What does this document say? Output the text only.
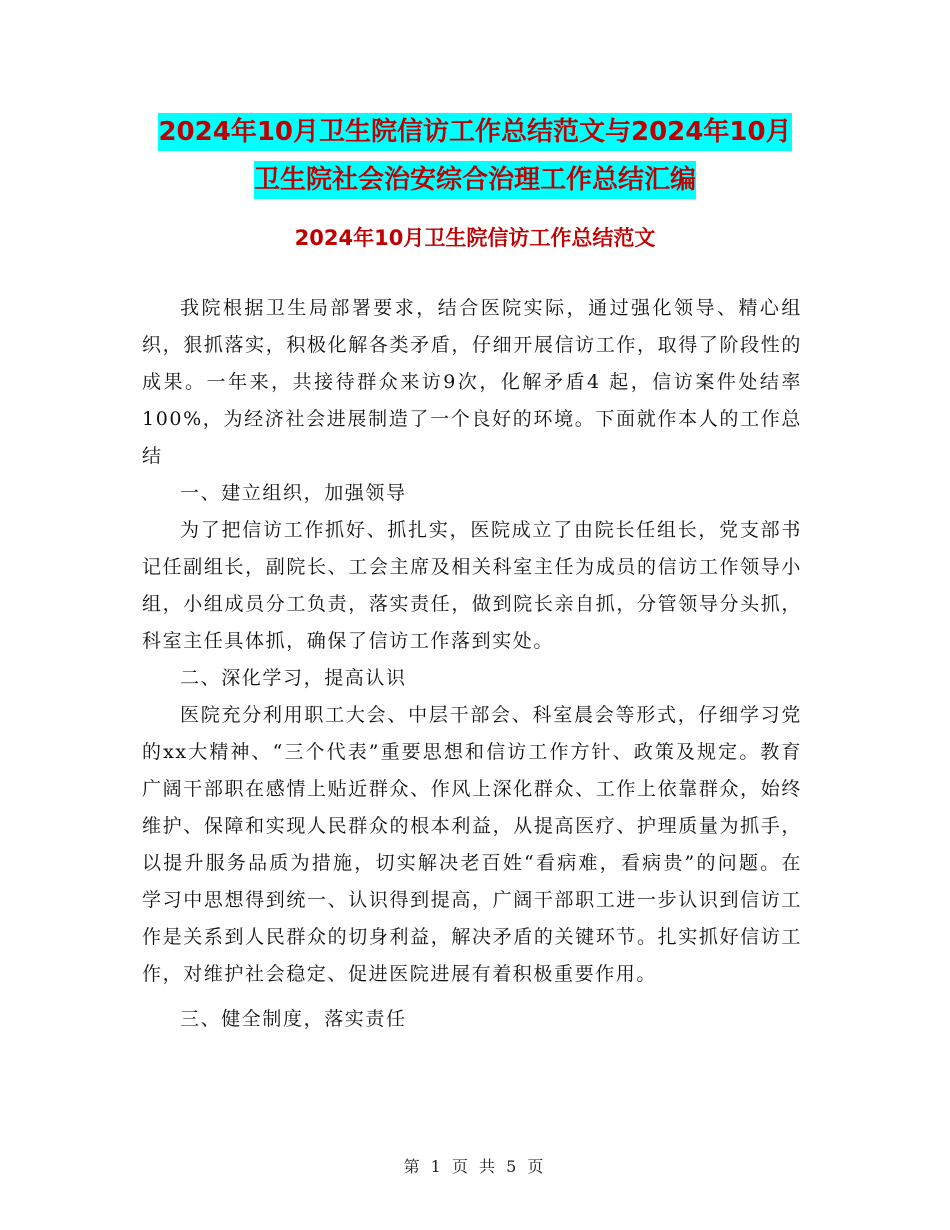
2024年10月卫生院信访工作总结范文与2024年10月
卫生院社会治安综合治理工作总结汇编
2024年10月卫生院信访工作总结范文

我院根据卫生局部署要求，结合医院实际，通过强化领导、精心组织，狠抓落实，积极化解各类矛盾，仔细开展信访工作，取得了阶段性的成果。一年来，共接待群众来访9次，化解矛盾4 起，信访案件处结率100%，为经济社会进展制造了一个良好的环境。下面就作本人的工作总结

一、建立组织，加强领导

为了把信访工作抓好、抓扎实，医院成立了由院长任组长，党支部书记任副组长，副院长、工会主席及相关科室主任为成员的信访工作领导小组，小组成员分工负责，落实责任，做到院长亲自抓，分管领导分头抓，科室主任具体抓，确保了信访工作落到实处。

二、深化学习，提高认识

医院充分利用职工大会、中层干部会、科室晨会等形式，仔细学习党的xx大精神、“三个代表”重要思想和信访工作方针、政策及规定。教育广阔干部职在感情上贴近群众、作风上深化群众、工作上依靠群众，始终维护、保障和实现人民群众的根本利益，从提高医疗、护理质量为抓手，以提升服务品质为措施，切实解决老百姓“看病难，看病贵”的问题。在学习中思想得到统一、认识得到提高，广阔干部职工进一步认识到信访工作是关系到人民群众的切身利益，解决矛盾的关键环节。扎实抓好信访工作，对维护社会稳定、促进医院进展有着积极重要作用。

三、健全制度，落实责任

第 1 页 共 5 页
